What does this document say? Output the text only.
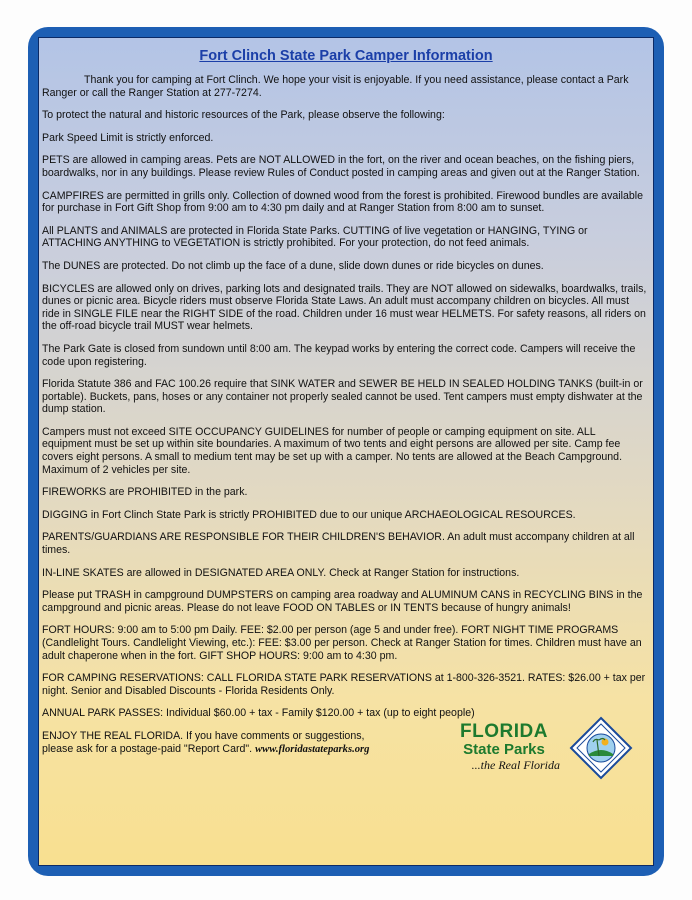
Fort Clinch State Park Camper Information

Thank you for camping at Fort Clinch. We hope your visit is enjoyable. If you need assistance, please contact a Park Ranger or call the Ranger Station at 277-7274.

To protect the natural and historic resources of the Park, please observe the following:

Park Speed Limit is strictly enforced.

PETS are allowed in camping areas. Pets are NOT ALLOWED in the fort, on the river and ocean beaches, on the fishing piers, boardwalks, nor in any buildings. Please review Rules of Conduct posted in camping areas and given out at the Ranger Station.

CAMPFIRES are permitted in grills only. Collection of downed wood from the forest is prohibited. Firewood bundles are available for purchase in Fort Gift Shop from 9:00 am to 4:30 pm daily and at Ranger Station from 8:00 am to sunset.

All PLANTS and ANIMALS are protected in Florida State Parks. CUTTING of live vegetation or HANGING, TYING or ATTACHING ANYTHING to VEGETATION is strictly prohibited. For your protection, do not feed animals.

The DUNES are protected. Do not climb up the face of a dune, slide down dunes or ride bicycles on dunes.

BICYCLES are allowed only on drives, parking lots and designated trails. They are NOT allowed on sidewalks, boardwalks, trails, dunes or picnic area. Bicycle riders must observe Florida State Laws. An adult must accompany children on bicycles. All must ride in SINGLE FILE near the RIGHT SIDE of the road. Children under 16 must wear HELMETS. For safety reasons, all riders on the off-road bicycle trail MUST wear helmets.

The Park Gate is closed from sundown until 8:00 am. The keypad works by entering the correct code. Campers will receive the code upon registering.

Florida Statute 386 and FAC 100.26 require that SINK WATER and SEWER BE HELD IN SEALED HOLDING TANKS (built-in or portable). Buckets, pans, hoses or any container not properly sealed cannot be used. Tent campers must empty dishwater at the dump station.

Campers must not exceed SITE OCCUPANCY GUIDELINES for number of people or camping equipment on site. ALL equipment must be set up within site boundaries. A maximum of two tents and eight persons are allowed per site. Camp fee covers eight persons. A small to medium tent may be set up with a camper. No tents are allowed at the Beach Campground. Maximum of 2 vehicles per site.

FIREWORKS are PROHIBITED in the park.

DIGGING in Fort Clinch State Park is strictly PROHIBITED due to our unique ARCHAEOLOGICAL RESOURCES.

PARENTS/GUARDIANS ARE RESPONSIBLE FOR THEIR CHILDREN'S BEHAVIOR. An adult must accompany children at all times.

IN-LINE SKATES are allowed in DESIGNATED AREA ONLY. Check at Ranger Station for instructions.

Please put TRASH in campground DUMPSTERS on camping area roadway and ALUMINUM CANS in RECYCLING BINS in the campground and picnic areas. Please do not leave FOOD ON TABLES or IN TENTS because of hungry animals!

FORT HOURS: 9:00 am to 5:00 pm Daily. FEE: $2.00 per person (age 5 and under free). FORT NIGHT TIME PROGRAMS (Candlelight Tours. Candlelight Viewing, etc.): FEE: $3.00 per person. Check at Ranger Station for times. Children must have an adult chaperone when in the fort. GIFT SHOP HOURS: 9:00 am to 4:30 pm.

FOR CAMPING RESERVATIONS: CALL FLORIDA STATE PARK RESERVATIONS at 1-800-326-3521. RATES: $26.00 + tax per night. Senior and Disabled Discounts - Florida Residents Only.

ANNUAL PARK PASSES: Individual $60.00 + tax - Family $120.00 + tax (up to eight people)

ENJOY THE REAL FLORIDA. If you have comments or suggestions,
please ask for a postage-paid "Report Card". www.floridastateparks.org
FLORIDA
State Parks
...the Real Florida
